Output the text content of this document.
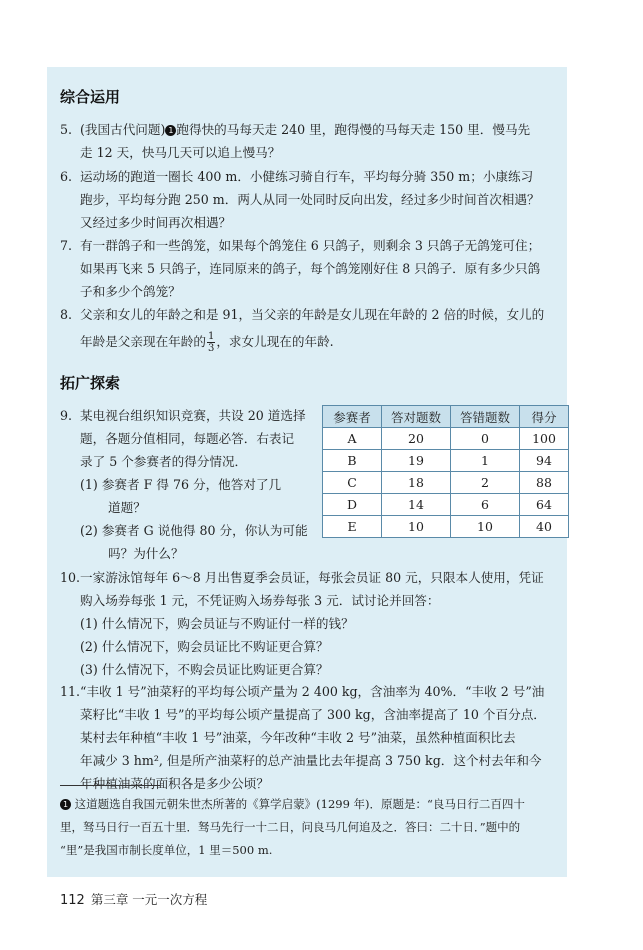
综合运用
5. (我国古代问题) 1 跑得快的马每天走 240 里，跑得慢的马每天走 150 里．慢马先
走 12 天，快马几天可以追上慢马？
6. 运动场的跑道一圈长 400 m．小健练习骑自行车，平均每分骑 350 m；小康练习
跑步，平均每分跑 250 m．两人从同一处同时反向出发，经过多少时间首次相遇？
又经过多少时间再次相遇？
7. 有一群鸽子和一些鸽笼，如果每个鸽笼住 6 只鸽子，则剩余 3 只鸽子无鸽笼可住；
如果再飞来 5 只鸽子，连同原来的鸽子，每个鸽笼刚好住 8 只鸽子．原有多少只鸽
子和多少个鸽笼？
8. 父亲和女儿的年龄之和是 91，当父亲的年龄是女儿现在年龄的 2 倍的时候，女儿的
年龄是父亲现在年龄的 $\frac{1}{3}$ ，求女儿现在的年龄.
拓广探索
9. 某电视台组织知识竞赛，共设 20 道选择
题，各题分值相同，每题必答．右表记
录了 5 个参赛者的得分情况．
(1) 参赛者 F 得 76 分，他答对了几
道题？
(2) 参赛者 G 说他得 80 分，你认为可能
吗？为什么？
参赛者	答对题数	答错题数	得分
A	20	0	100
B	19	1	94
C	18	2	88
D	14	6	64
E	10	10	40
10.一家游泳馆每年 6～8 月出售夏季会员证，每张会员证 80 元，只限本人使用，凭证
购入场券每张 1 元，不凭证购入场券每张 3 元．试讨论并回答：
(1) 什么情况下，购会员证与不购证付一样的钱？
(2) 什么情况下，购会员证比不购证更合算？
(3) 什么情况下，不购会员证比购证更合算？
11.“丰收 1 号”油菜籽的平均每公顷产量为 2 400 kg，含油率为 40%．“丰收 2 号”油
菜籽比“丰收 1 号”的平均每公顷产量提高了 300 kg，含油率提高了 10 个百分点．
某村去年种植“丰收 1 号”油菜，今年改种“丰收 2 号”油菜，虽然种植面积比去
年减少 3 hm², 但是所产油菜籽的总产油量比去年提高 3 750 kg．这个村去年和今
年种植油菜的面积各是多少公顷？
1 这道题选自我国元朝朱世杰所著的《算学启蒙》(1299 年)．原题是：“良马日行二百四十
里，驽马日行一百五十里．驽马先行一十二日，问良马几何追及之．答曰：二十日．”题中的
“里”是我国市制长度单位，1 里＝500 m.
112 第三章 一元一次方程
